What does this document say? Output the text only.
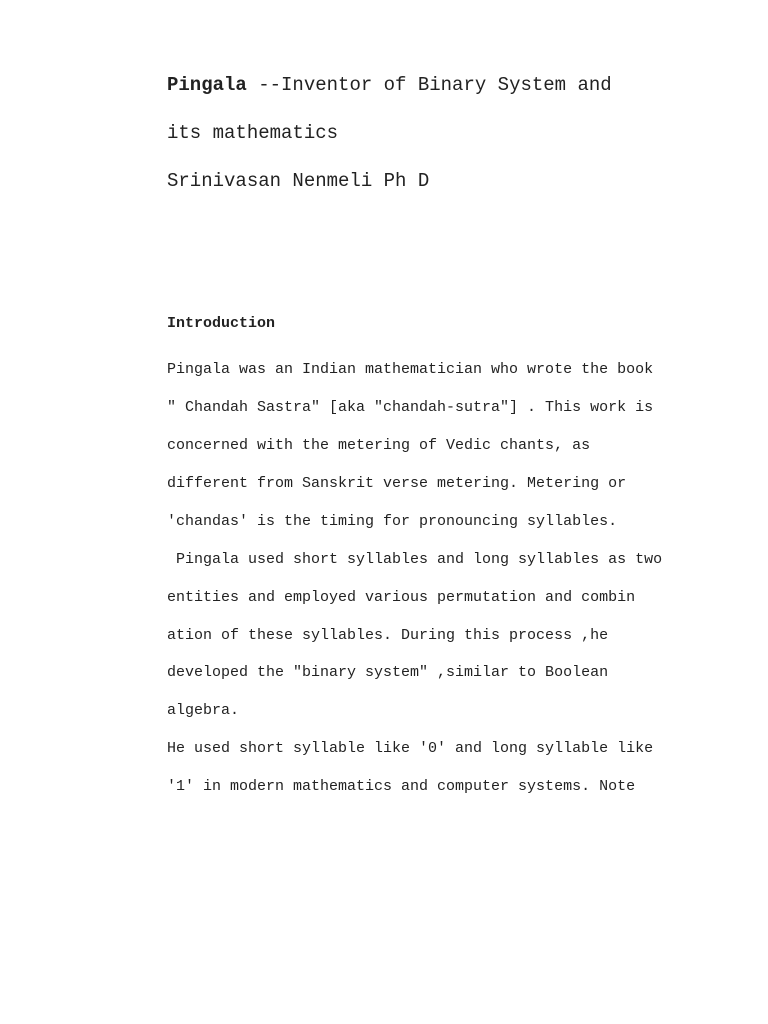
Pingala --Inventor of Binary System and
its mathematics
Srinivasan Nenmeli Ph D
Introduction
Pingala was an Indian mathematician who wrote the book
" Chandah Sastra" [aka "chandah-sutra"] . This work is
concerned with the metering of Vedic chants, as
different from Sanskrit verse metering. Metering or
'chandas' is the timing for pronouncing syllables.
Pingala used short syllables and long syllables as two
entities and employed various permutation and combin
ation of these syllables. During this process ,he
developed the "binary system" ,similar to Boolean
algebra.
He used short syllable like '0' and long syllable like
'1' in modern mathematics and computer systems. Note
